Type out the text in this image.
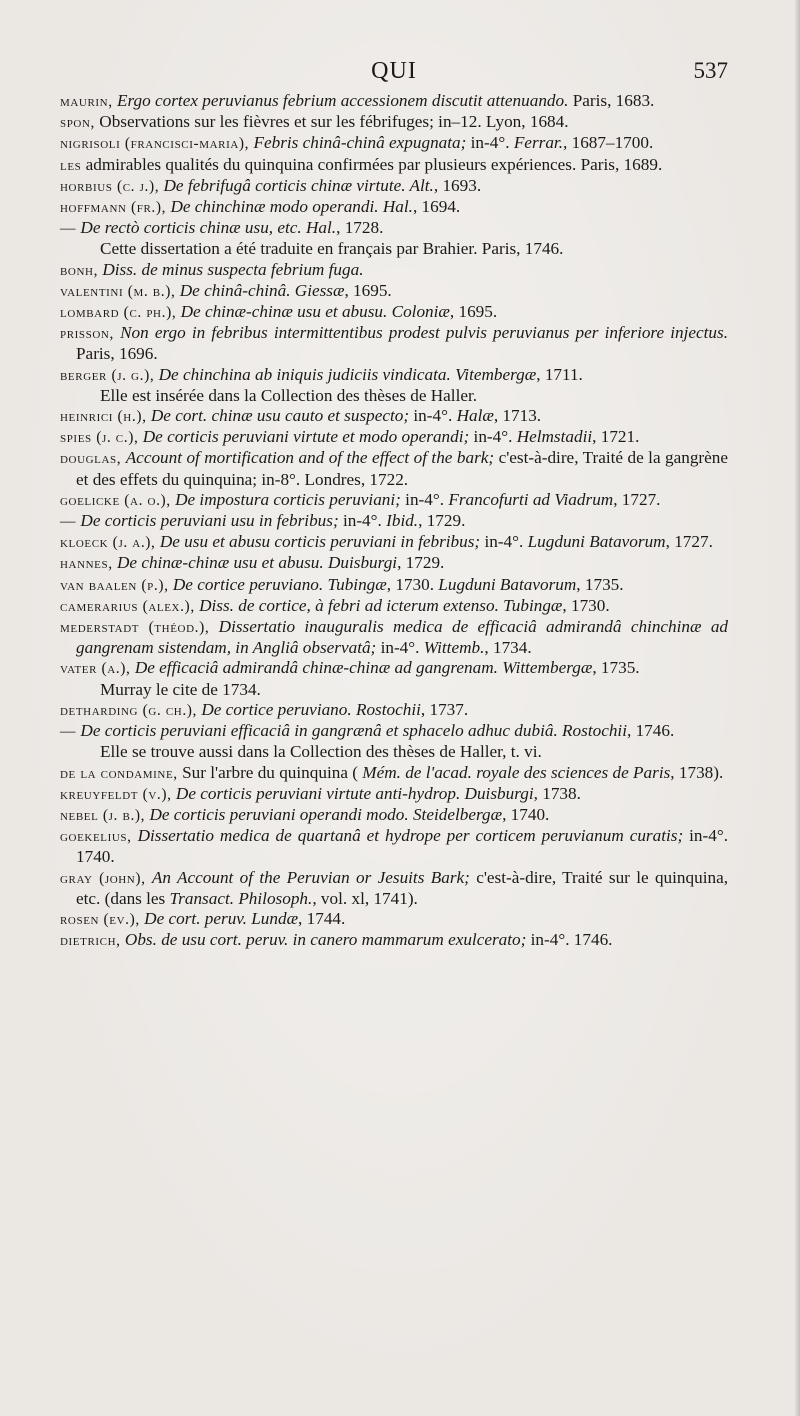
QUI	537

maurin, Ergo cortex peruvianus febrium accessionem discutit attenuando. Paris, 1683.

spon, Observations sur les fièvres et sur les fébrifuges; in–12. Lyon, 1684.

nigrisoli (francisci-maria), Febris chinâ-chinâ expugnata; in-4°. Ferrar., 1687–1700.

les admirables qualités du quinquina confirmées par plusieurs expériences. Paris, 1689.

horbius (c. j.), De febrifugâ corticis chinæ virtute. Alt., 1693.

hoffmann (fr.), De chinchinæ modo operandi. Hal., 1694.

— De rectò corticis chinæ usu, etc. Hal., 1728.

Cette dissertation a été traduite en français par Brahier. Paris, 1746.

bonh, Diss. de minus suspecta febrium fuga.

valentini (m. b.), De chinâ-chinâ. Giessæ, 1695.

lombard (c. ph.), De chinæ-chinæ usu et abusu. Coloniæ, 1695.

prisson, Non ergo in febribus intermittentibus prodest pulvis peruvianus per inferiore injectus. Paris, 1696.

berger (j. g.), De chinchina ab iniquis judiciis vindicata. Vitembergæ, 1711.

Elle est insérée dans la Collection des thèses de Haller.

heinrici (h.), De cort. chinæ usu cauto et suspecto; in-4°. Halæ, 1713.

spies (j. c.), De corticis peruviani virtute et modo operandi; in-4°. Helmstadii, 1721.

douglas, Account of mortification and of the effect of the bark; c'est-à-dire, Traité de la gangrène et des effets du quinquina; in-8°. Londres, 1722.

goelicke (a. o.), De impostura corticis peruviani; in-4°. Francofurti ad Viadrum, 1727.

— De corticis peruviani usu in febribus; in-4°. Ibid., 1729.

kloeck (j. a.), De usu et abusu corticis peruviani in febribus; in-4°. Lugduni Batavorum, 1727.

hannes, De chinæ-chinæ usu et abusu. Duisburgi, 1729.

van baalen (p.), De cortice peruviano. Tubingæ, 1730. Lugduni Batavorum, 1735.

camerarius (alex.), Diss. de cortice, à febri ad icterum extenso. Tubingæ, 1730.

mederstadt (théod.), Dissertatio inauguralis medica de efficaciâ admirandâ chinchinæ ad gangrenam sistendam, in Angliâ observatâ; in-4°. Wittemb., 1734.

vater (a.), De efficaciâ admirandâ chinæ-chinæ ad gangrenam. Wittembergæ, 1735.

Murray le cite de 1734.

detharding (g. ch.), De cortice peruviano. Rostochii, 1737.

— De corticis peruviani efficaciâ in gangrænâ et sphacelo adhuc dubiâ. Rostochii, 1746.

Elle se trouve aussi dans la Collection des thèses de Haller, t. vi.

de la condamine, Sur l'arbre du quinquina ( Mém. de l'acad. royale des sciences de Paris, 1738).

kreuyfeldt (v.), De corticis peruviani virtute anti-hydrop. Duisburgi, 1738.

nebel (j. b.), De corticis peruviani operandi modo. Steidelbergæ, 1740.

goekelius, Dissertatio medica de quartanâ et hydrope per corticem peruvianum curatis; in-4°. 1740.

gray (john), An Account of the Peruvian or Jesuits Bark; c'est-à-dire, Traité sur le quinquina, etc. (dans les Transact. Philosoph., vol. xl, 1741).

rosen (ev.), De cort. peruv. Lundæ, 1744.

dietrich, Obs. de usu cort. peruv. in canero mammarum exulcerato; in-4°. 1746.
